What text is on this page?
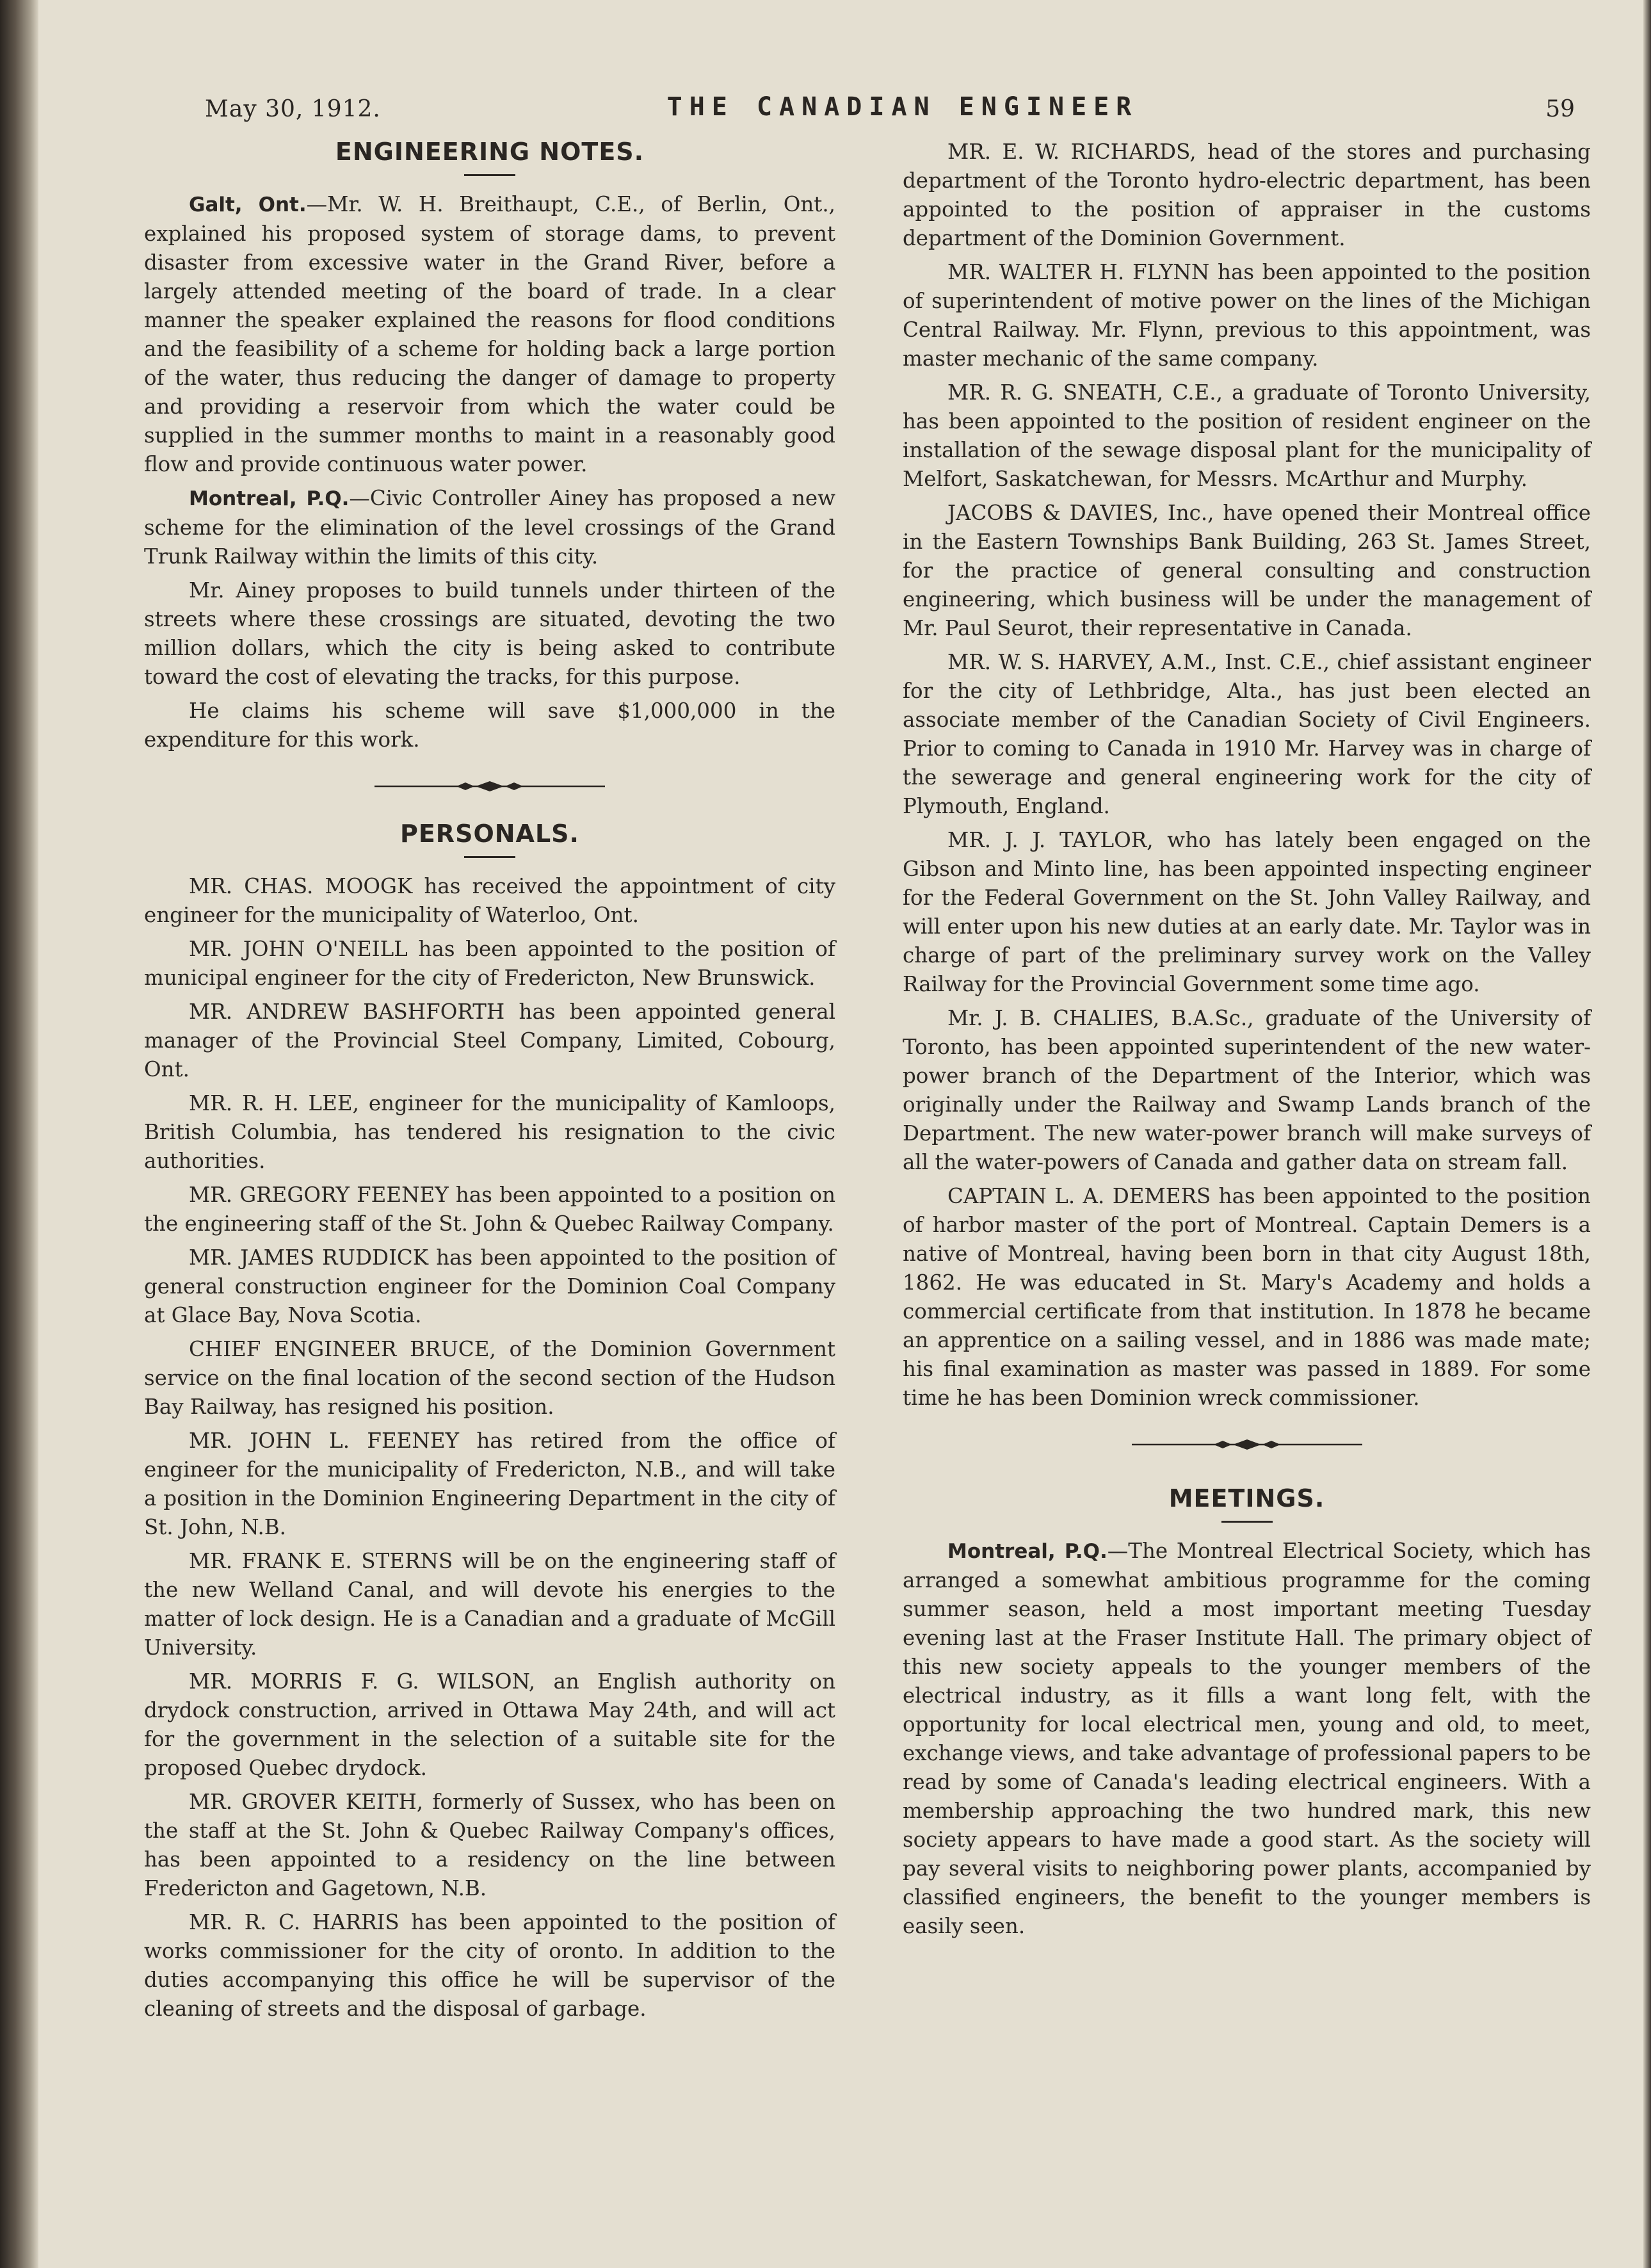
May 30, 1912.	THE CANADIAN ENGINEER	59
ENGINEERING NOTES.

Galt, Ont.—Mr. W. H. Breithaupt, C.E., of Berlin, Ont., explained his proposed system of storage dams, to prevent disaster from excessive water in the Grand River, before a largely attended meeting of the board of trade. In a clear manner the speaker explained the reasons for flood conditions and the feasibility of a scheme for holding back a large portion of the water, thus reducing the danger of damage to property and providing a reservoir from which the water could be supplied in the summer months to maint in a reasonably good flow and provide continuous water power.

Montreal, P.Q.—Civic Controller Ainey has proposed a new scheme for the elimination of the level crossings of the Grand Trunk Railway within the limits of this city.

Mr. Ainey proposes to build tunnels under thirteen of the streets where these crossings are situated, devoting the two million dollars, which the city is being asked to contribute toward the cost of elevating the tracks, for this purpose.

He claims his scheme will save $1,000,000 in the expenditure for this work.

PERSONALS.

MR. CHAS. MOOGK has received the appointment of city engineer for the municipality of Waterloo, Ont.

MR. JOHN O'NEILL has been appointed to the position of municipal engineer for the city of Fredericton, New Brunswick.

MR. ANDREW BASHFORTH has been appointed general manager of the Provincial Steel Company, Limited, Cobourg, Ont.

MR. R. H. LEE, engineer for the municipality of Kamloops, British Columbia, has tendered his resignation to the civic authorities.

MR. GREGORY FEENEY has been appointed to a position on the engineering staff of the St. John & Quebec Railway Company.

MR. JAMES RUDDICK has been appointed to the position of general construction engineer for the Dominion Coal Company at Glace Bay, Nova Scotia.

CHIEF ENGINEER BRUCE, of the Dominion Government service on the final location of the second section of the Hudson Bay Railway, has resigned his position.

MR. JOHN L. FEENEY has retired from the office of engineer for the municipality of Fredericton, N.B., and will take a position in the Dominion Engineering Department in the city of St. John, N.B.

MR. FRANK E. STERNS will be on the engineering staff of the new Welland Canal, and will devote his energies to the matter of lock design. He is a Canadian and a graduate of McGill University.

MR. MORRIS F. G. WILSON, an English authority on drydock construction, arrived in Ottawa May 24th, and will act for the government in the selection of a suitable site for the proposed Quebec drydock.

MR. GROVER KEITH, formerly of Sussex, who has been on the staff at the St. John & Quebec Railway Company's offices, has been appointed to a residency on the line between Fredericton and Gagetown, N.B.

MR. R. C. HARRIS has been appointed to the position of works commissioner for the city of oronto. In addition to the duties accompanying this office he will be supervisor of the cleaning of streets and the disposal of garbage.

MR. E. W. RICHARDS, head of the stores and purchasing department of the Toronto hydro-electric department, has been appointed to the position of appraiser in the customs department of the Dominion Government.

MR. WALTER H. FLYNN has been appointed to the position of superintendent of motive power on the lines of the Michigan Central Railway. Mr. Flynn, previous to this appointment, was master mechanic of the same company.

MR. R. G. SNEATH, C.E., a graduate of Toronto University, has been appointed to the position of resident engineer on the installation of the sewage disposal plant for the municipality of Melfort, Saskatchewan, for Messrs. McArthur and Murphy.

JACOBS & DAVIES, Inc., have opened their Montreal office in the Eastern Townships Bank Building, 263 St. James Street, for the practice of general consulting and construction engineering, which business will be under the management of Mr. Paul Seurot, their representative in Canada.

MR. W. S. HARVEY, A.M., Inst. C.E., chief assistant engineer for the city of Lethbridge, Alta., has just been elected an associate member of the Canadian Society of Civil Engineers. Prior to coming to Canada in 1910 Mr. Harvey was in charge of the sewerage and general engineering work for the city of Plymouth, England.

MR. J. J. TAYLOR, who has lately been engaged on the Gibson and Minto line, has been appointed inspecting engineer for the Federal Government on the St. John Valley Railway, and will enter upon his new duties at an early date. Mr. Taylor was in charge of part of the preliminary survey work on the Valley Railway for the Provincial Government some time ago.

Mr. J. B. CHALIES, B.A.Sc., graduate of the University of Toronto, has been appointed superintendent of the new water-power branch of the Department of the Interior, which was originally under the Railway and Swamp Lands branch of the Department. The new water-power branch will make surveys of all the water-powers of Canada and gather data on stream fall.

CAPTAIN L. A. DEMERS has been appointed to the position of harbor master of the port of Montreal. Captain Demers is a native of Montreal, having been born in that city August 18th, 1862. He was educated in St. Mary's Academy and holds a commercial certificate from that institution. In 1878 he became an apprentice on a sailing vessel, and in 1886 was made mate; his final examination as master was passed in 1889. For some time he has been Dominion wreck commissioner.

MEETINGS.

Montreal, P.Q.—The Montreal Electrical Society, which has arranged a somewhat ambitious programme for the coming summer season, held a most important meeting Tuesday evening last at the Fraser Institute Hall. The primary object of this new society appeals to the younger members of the electrical industry, as it fills a want long felt, with the opportunity for local electrical men, young and old, to meet, exchange views, and take advantage of professional papers to be read by some of Canada's leading electrical engineers. With a membership approaching the two hundred mark, this new society appears to have made a good start. As the society will pay several visits to neighboring power plants, accompanied by classified engineers, the benefit to the younger members is easily seen.
